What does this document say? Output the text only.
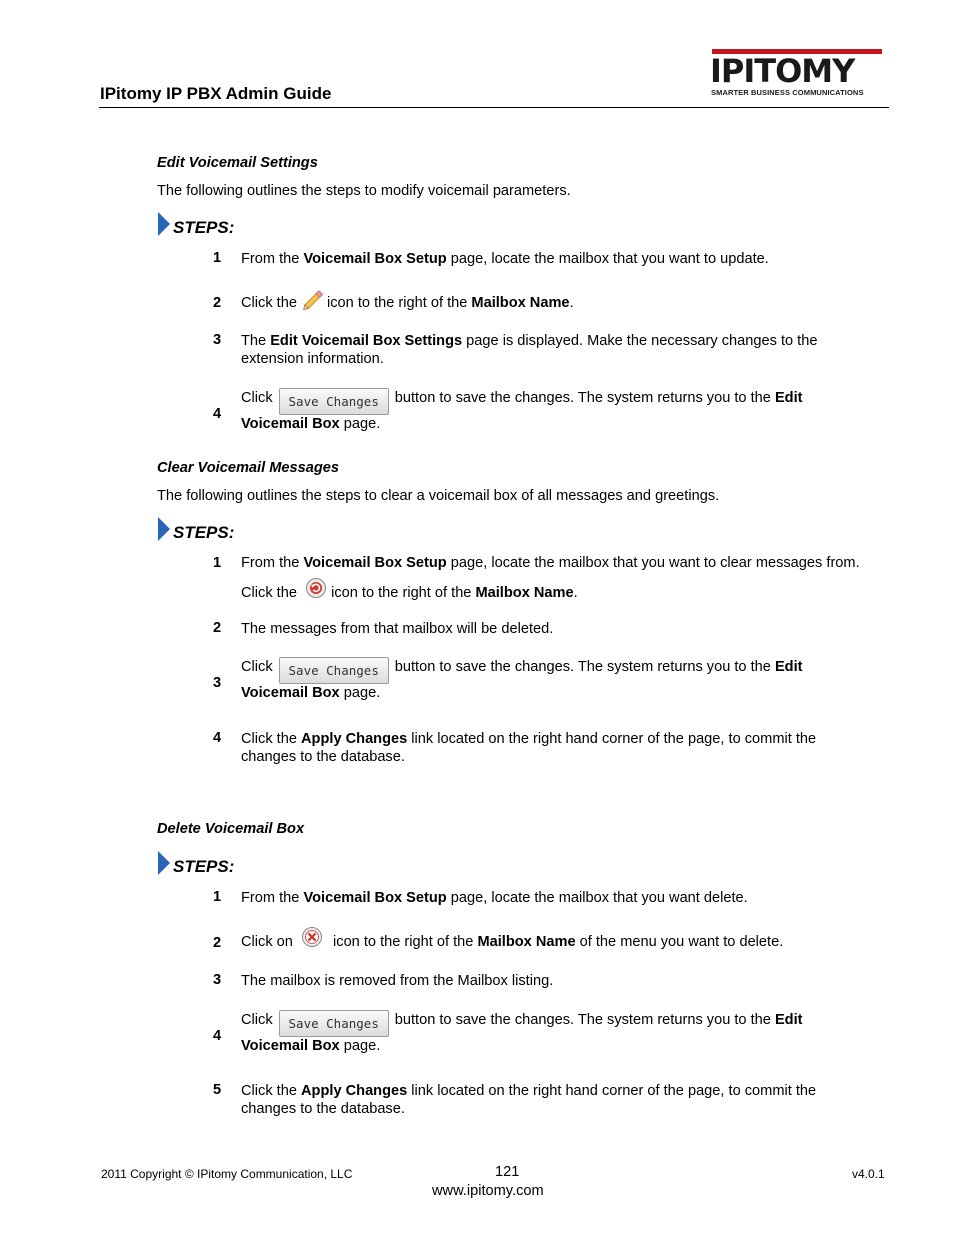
IPitomy IP PBX Admin Guide
IPITOMY
SMARTER BUSINESS COMMUNICATIONS
Edit Voicemail Settings
The following outlines the steps to modify voicemail parameters.
STEPS:
1 From the Voicemail Box Setup page, locate the mailbox that you want to update.
2 Click the icon to the right of the Mailbox Name.
3 The Edit Voicemail Box Settings page is displayed. Make the necessary changes to the extension information.
4
Click Save Changes button to save the changes. The system returns you to the Edit Voicemail Box page.
Clear Voicemail Messages
The following outlines the steps to clear a voicemail box of all messages and greetings.
STEPS:
1 From the Voicemail Box Setup page, locate the mailbox that you want to clear messages from. Click the  icon to the right of the Mailbox Name.
2 The messages from that mailbox will be deleted.
3
Click Save Changes button to save the changes. The system returns you to the Edit Voicemail Box page.
4 Click the Apply Changes link located on the right hand corner of the page, to commit the changes to the database.
Delete Voicemail Box
STEPS:
1 From the Voicemail Box Setup page, locate the mailbox that you want delete.
2 Click on  icon to the right of the Mailbox Name of the menu you want to delete.
3 The mailbox is removed from the Mailbox listing.
4
Click Save Changes button to save the changes. The system returns you to the Edit Voicemail Box page.
5 Click the Apply Changes link located on the right hand corner of the page, to commit the changes to the database.
2011 Copyright © IPitomy Communication, LLC	121
www.ipitomy.com
v4.0.1
